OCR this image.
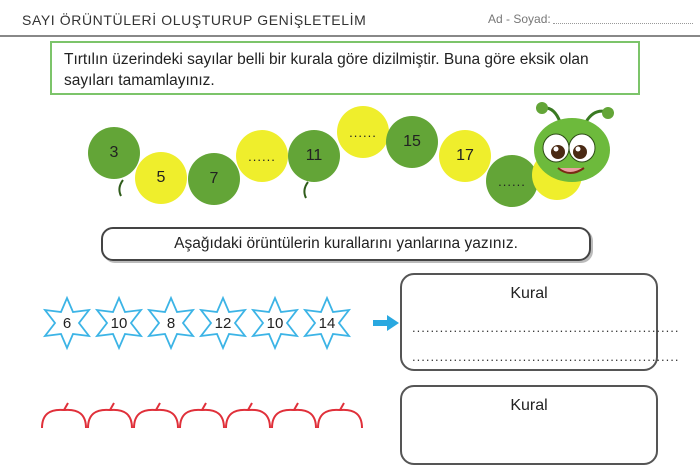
SAYI ÖRÜNTÜLERİ OLUŞTURUP GENİŞLETELİM	Ad - Soyad:
Tırtılın üzerindeki sayılar belli bir kurala göre dizilmiştir. Buna göre eksik olan sayıları tamamlayınız.
3
5	7
...... 11
......
15
17
......
Aşağıdaki örüntülerin kurallarını yanlarına yazınız.
6	10	8	12	10	14
Kural
..........................................................
..........................................................
Kural
